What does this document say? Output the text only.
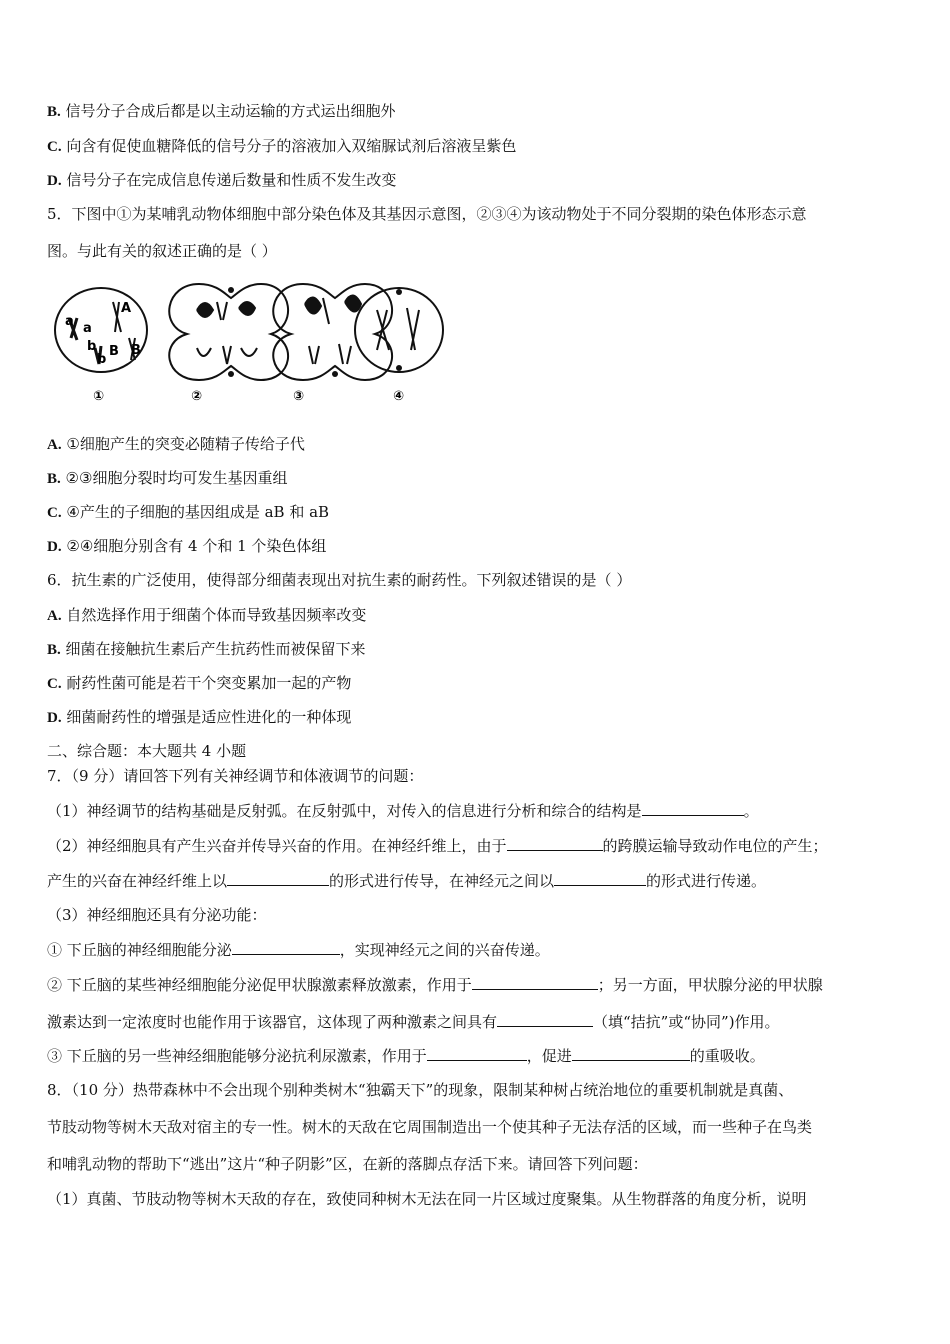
B. 信号分子合成后都是以主动运输的方式运出细胞外
C. 向含有促使血糖降低的信号分子的溶液加入双缩脲试剂后溶液呈紫色
D. 信号分子在完成信息传递后数量和性质不发生改变
5．下图中①为某哺乳动物体细胞中部分染色体及其基因示意图，②③④为该动物处于不同分裂期的染色体形态示意
图。与此有关的叙述正确的是（ ）
A
a a
b
b
B B
①	②	③	④
A. ①细胞产生的突变必随精子传给子代
B. ②③细胞分裂时均可发生基因重组
C. ④产生的子细胞的基因组成是 aB 和 aB
D. ②④细胞分别含有 4 个和 1 个染色体组
6．抗生素的广泛使用，使得部分细菌表现出对抗生素的耐药性。下列叙述错误的是（ ）
A. 自然选择作用于细菌个体而导致基因频率改变
B. 细菌在接触抗生素后产生抗药性而被保留下来
C. 耐药性菌可能是若干个突变累加一起的产物
D. 细菌耐药性的增强是适应性进化的一种体现
二、综合题：本大题共 4 小题
7．（9 分）请回答下列有关神经调节和体液调节的问题：
（1）神经调节的结构基础是反射弧。在反射弧中，对传入的信息进行分析和综合的结构是	。
（2）神经细胞具有产生兴奋并传导兴奋的作用。在神经纤维上，由于	的跨膜运输导致动作电位的产生；
产生的兴奋在神经纤维上以	的形式进行传导，在神经元之间以	的形式进行传递。
（3）神经细胞还具有分泌功能：
① 下丘脑的神经细胞能分泌	，实现神经元之间的兴奋传递。
② 下丘脑的某些神经细胞能分泌促甲状腺激素释放激素，作用于	；另一方面，甲状腺分泌的甲状腺
激素达到一定浓度时也能作用于该器官，这体现了两种激素之间具有	（填“拮抗”或“协同”)作用。
③ 下丘脑的另一些神经细胞能够分泌抗利尿激素，作用于	，促进	的重吸收。
8．（10 分）热带森林中不会出现个别种类树木“独霸天下”的现象，限制某种树占统治地位的重要机制就是真菌、
节肢动物等树木天敌对宿主的专一性。树木的天敌在它周围制造出一个使其种子无法存活的区域，而一些种子在鸟类
和哺乳动物的帮助下“逃出”这片“种子阴影”区，在新的落脚点存活下来。请回答下列问题：
（1）真菌、节肢动物等树木天敌的存在，致使同种树木无法在同一片区域过度聚集。从生物群落的角度分析，说明
